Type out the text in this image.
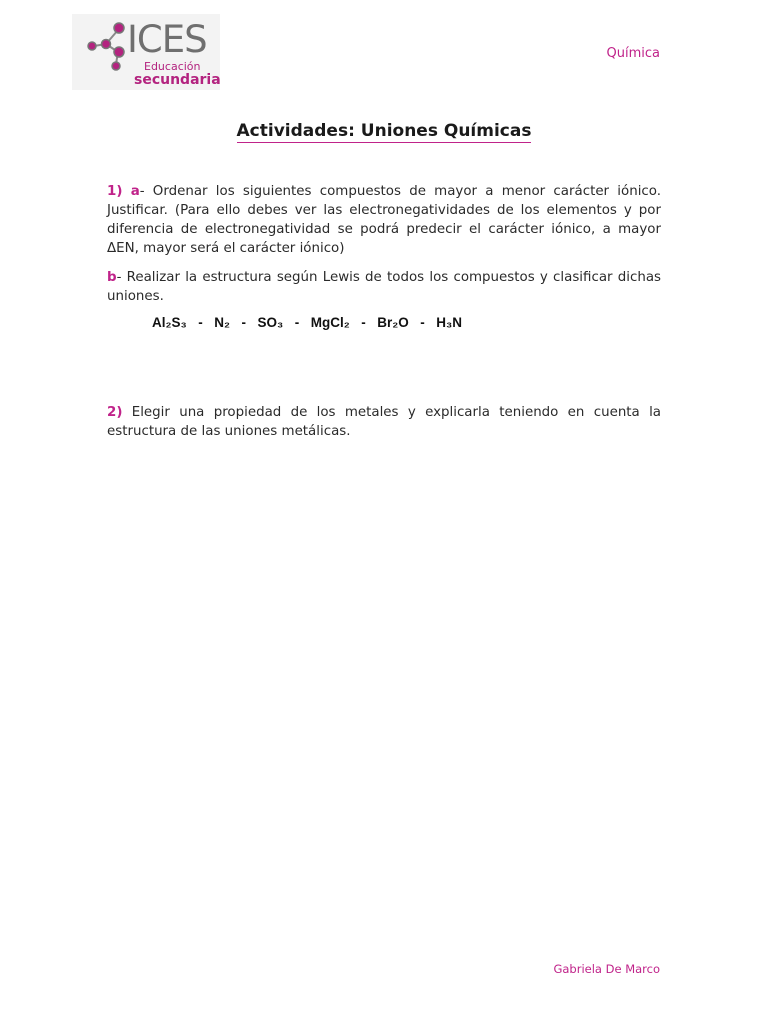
ICES
Educación
secundaria
Química
Actividades: Uniones Químicas

1) a- Ordenar los siguientes compuestos de mayor a menor carácter iónico. Justificar. (Para ello debes ver las electronegatividades de los elementos y por diferencia de electronegatividad se podrá predecir el carácter iónico, a mayor ΔEN, mayor será el carácter iónico)

b- Realizar la estructura según Lewis de todos los compuestos y clasificar dichas uniones.

Al₂S₃  -  N₂  -  SO₃  -  MgCl₂  -  Br₂O  -  H₃N

2) Elegir una propiedad de los metales y explicarla teniendo en cuenta la estructura de las uniones metálicas.

Gabriela De Marco
